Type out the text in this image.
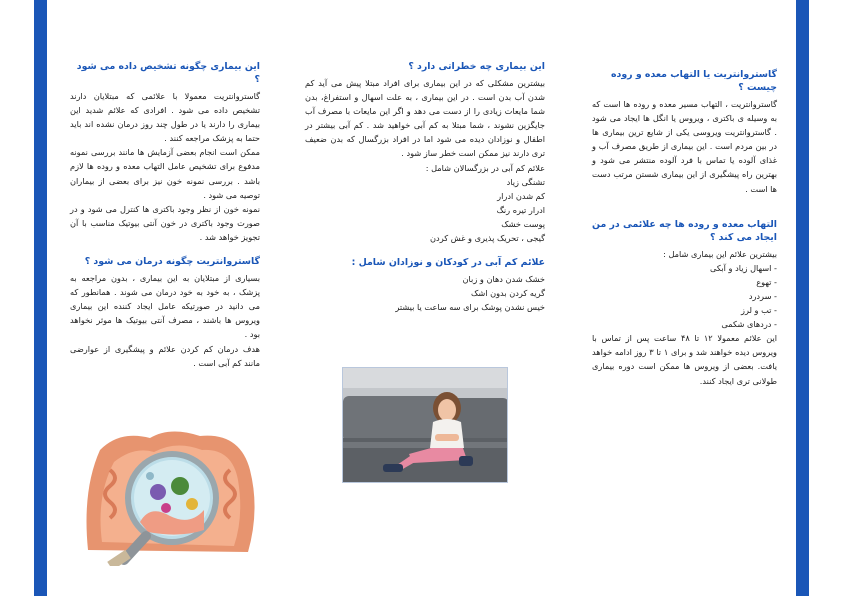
گاستروانتریت یا التهاب معده و روده چیست ؟

گاستروانتریت ، التهاب مسیر معده و روده ها است که به وسیله ی باکتری ، ویروس یا انگل ها ایجاد می شود . گاستروانتریت ویروسی یکی از شایع ترین بیماری ها در بین مردم است . این بیماری از طریق مصرف آب و غذای آلوده یا تماس با فرد آلوده منتشر می شود و بهترین راه پیشگیری از این بیماری شستن مرتب دست ها است .

التهاب معده و روده ها چه علائمی در من ایجاد می کند ؟

بیشترین علائم این بیماری شامل :

- اسهال زیاد و آبکی
- تهوع
- سردرد
- تب و لرز
- دردهای شکمی

این علائم معمولا ۱۲ تا ۴۸ ساعت پس از تماس با ویروس دیده خواهند شد و برای ۱ تا ۳ روز ادامه خواهد یافت. بعضی از ویروس ها ممکن است دوره بیماری طولانی تری ایجاد کنند.

این بیماری چه خطراتی دارد ؟

بیشترین مشکلی که در این بیماری برای افراد مبتلا پیش می آید کم شدن آب بدن است . در این بیماری ، به علت اسهال و استفراغ، بدن شما مایعات زیادی را از دست می دهد و اگر این مایعات با مصرف آب جایگزین نشوند ، شما مبتلا به کم آبی خواهید شد . کم آبی بیشتر در اطفال و نوزادان دیده می شود اما در افراد بزرگسال که بدن ضعیف تری دارند نیز ممکن است خطر ساز شود .

علائم کم آبی در بزرگسالان شامل :

تشنگی زیاد
کم شدن ادرار
ادرار تیره رنگ
پوست خشک
گیجی ، تحریک پذیری و غش کردن
علائم کم آبی در کودکان و نوزادان شامل :
خشک شدن دهان و زبان
گریه کردن بدون اشک
خیس نشدن پوشک برای سه ساعت یا بیشتر
این بیماری چگونه تشخیص داده می شود ؟

گاستروانتریت معمولا با علائمی که مبتلایان دارند تشخیص داده می شود . افرادی که علائم شدید این بیماری را دارند یا در طول چند روز درمان نشده اند باید حتما به پزشک مراجعه کنند .

ممکن است انجام بعضی آزمایش ها مانند بررسی نمونه مدفوع برای تشخیص عامل التهاب معده و روده ها لازم باشد . بررسی نمونه خون نیز برای بعضی از بیماران توصیه می شود .

نمونه خون از نظر وجود باکتری ها کنترل می شود و در صورت وجود باکتری در خون آنتی بیوتیک مناسب با آن تجویز خواهد شد .

گاستروانتریت چگونه درمان می شود ؟

بسیاری از مبتلایان به این بیماری ، بدون مراجعه به پزشک ، به خود به خود درمان می شوند . همانطور که می دانید در صورتیکه عامل ایجاد کننده این بیماری ویروس ها باشند ، مصرف آنتی بیوتیک ها موثر نخواهد بود .

هدف درمان کم کردن علائم و پیشگیری از عوارضی مانند کم آبی است .
